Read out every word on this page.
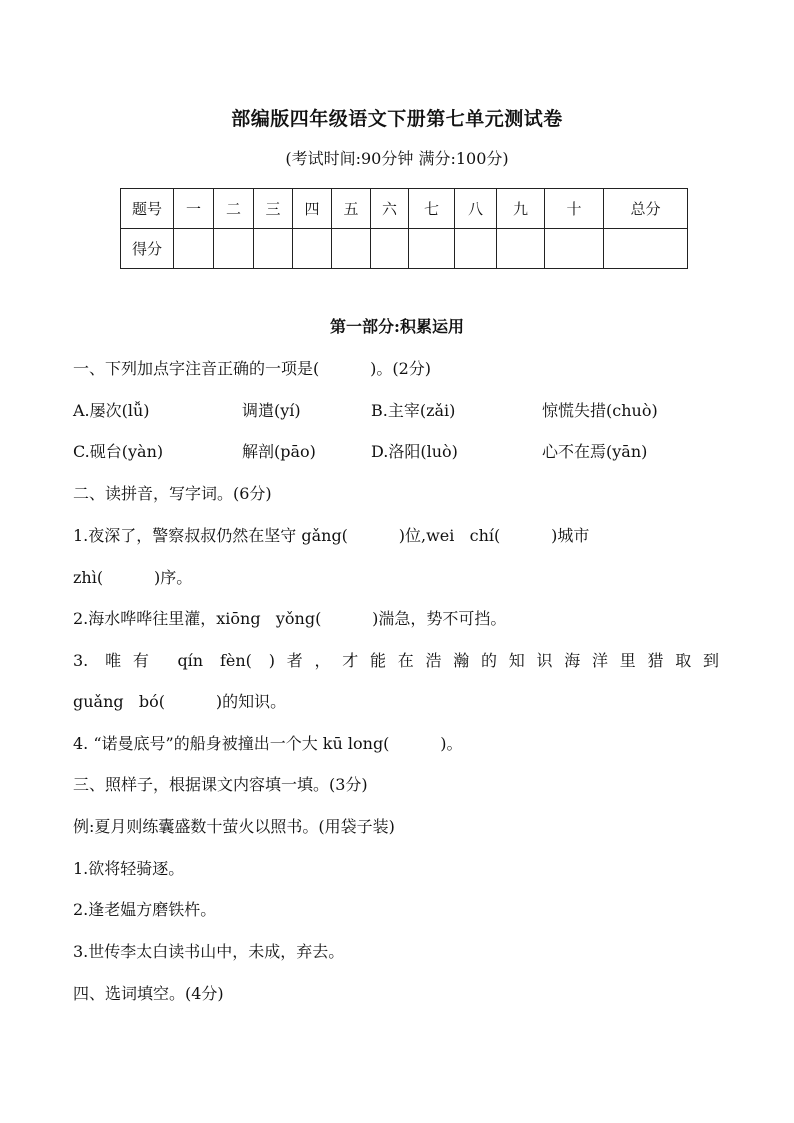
部编版四年级语文下册第七单元测试卷
(考试时间:90分钟 满分:100分)
题号	一	二	三	四	五	六	七	八	九	十	总分
得分											
第一部分:积累运用
一、下列加点字注音正确的一项是(          )。(2分)
A.屡次(lǚ)	调遣(yí)	B.主宰(zǎi)	惊慌失措(chuò)
C.砚台(yàn)	解剖(pāo)	D.洛阳(luò)	心不在焉(yān)
二、读拼音，写字词。(6分)
1.夜深了，警察叔叔仍然在坚守 gǎng(          )位,wei   chí(          )城市
zhì(          )序。
2.海水哗哗往里灌，xiōng   yǒng(          )湍急，势不可挡。
3. 唯有 qín fèn( )者，才能在浩瀚的知识海洋里猎取到
guǎng   bó(          )的知识。
4. “诺曼底号”的船身被撞出一个大 kū long(          )。
三、照样子，根据课文内容填一填。(3分)
例:夏月则练囊盛数十萤火以照书。(用袋子装)
1.欲将轻骑逐。
2.逢老媪方磨铁杵。
3.世传李太白读书山中，未成，弃去。
四、选词填空。(4分)
